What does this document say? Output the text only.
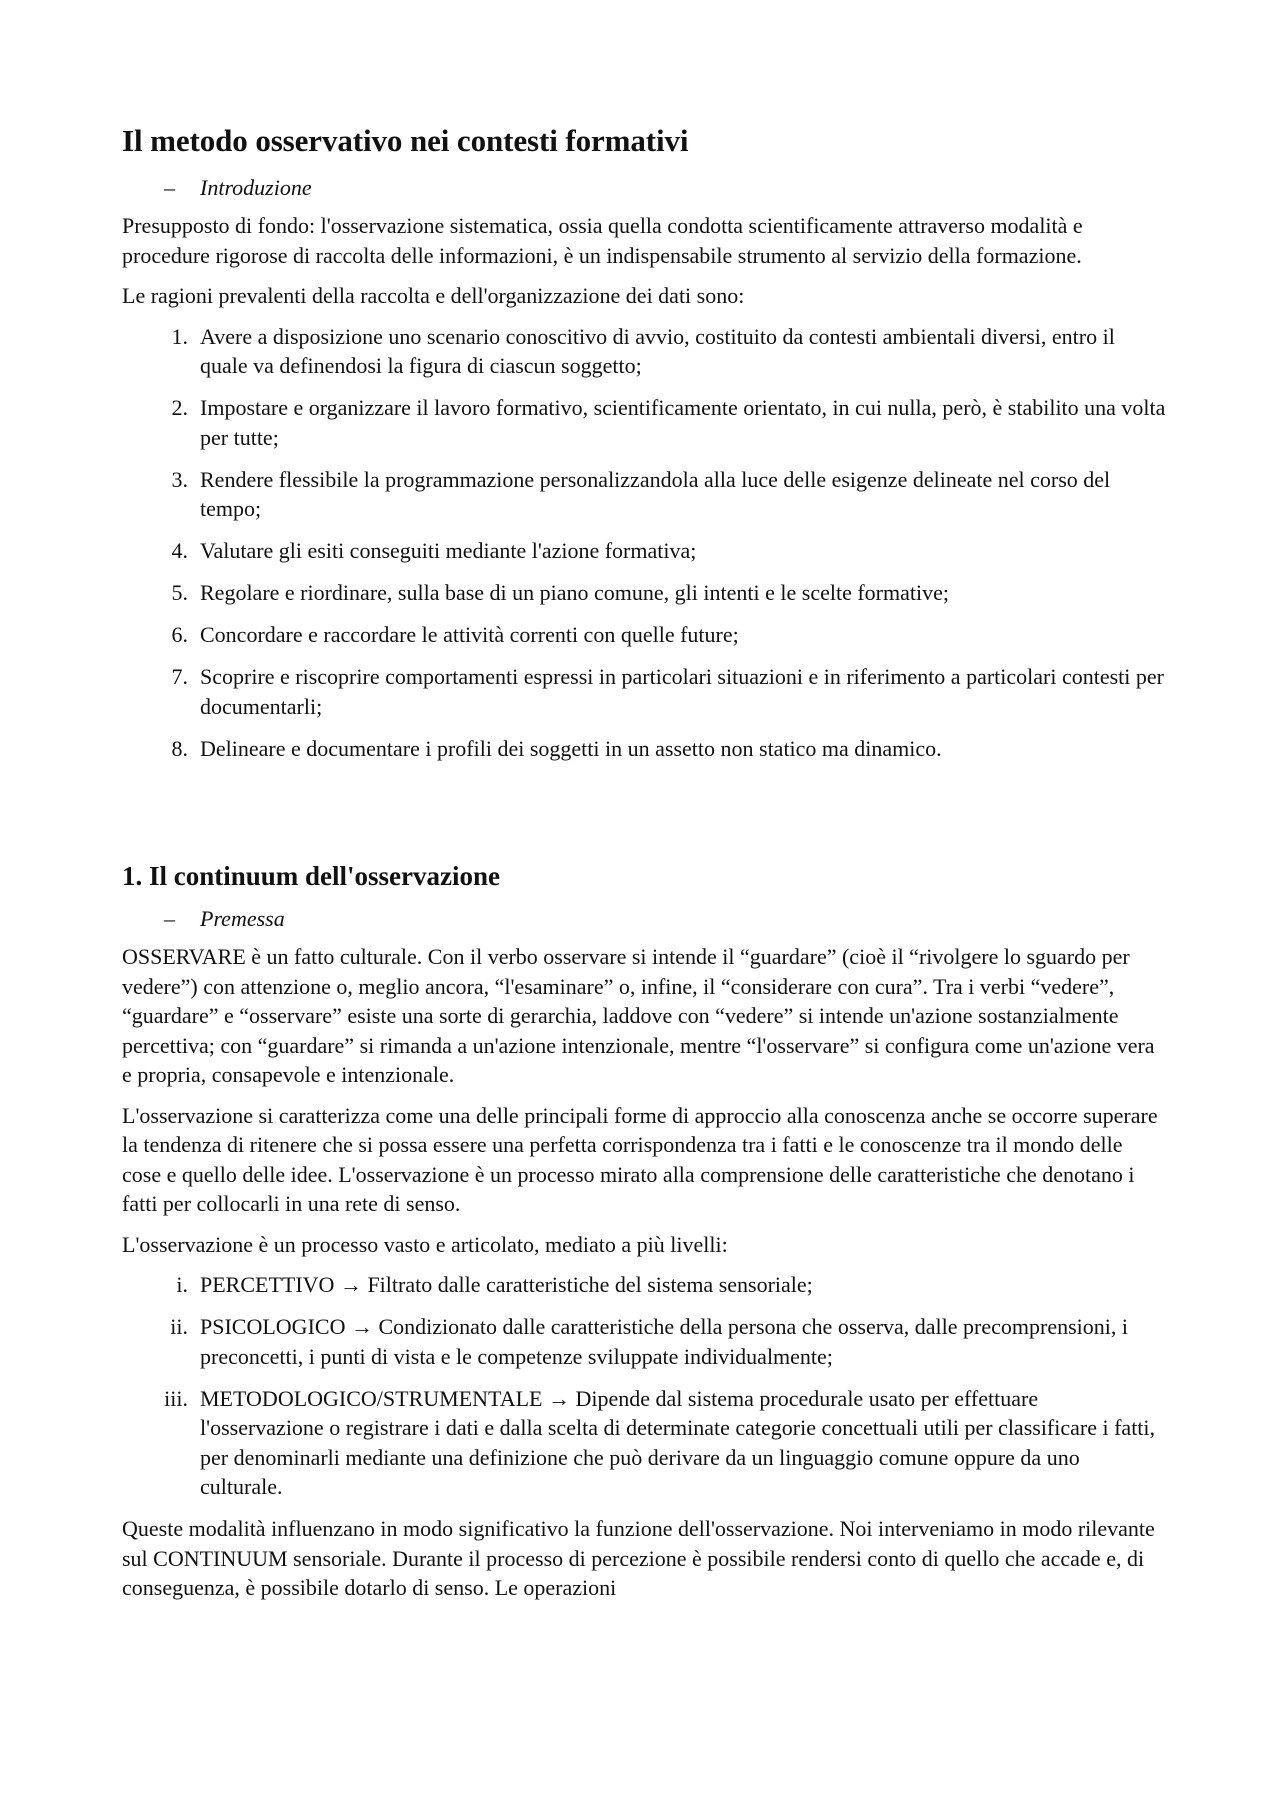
Il metodo osservativo nei contesti formativi
–	Introduzione

Presupposto di fondo: l'osservazione sistematica, ossia quella condotta scientificamente attraverso modalità e procedure rigorose di raccolta delle informazioni, è un indispensabile strumento al servizio della formazione.

Le ragioni prevalenti della raccolta e dell'organizzazione dei dati sono:

1. Avere a disposizione uno scenario conoscitivo di avvio, costituito da contesti ambientali diversi, entro il quale va definendosi la figura di ciascun soggetto;
2. Impostare e organizzare il lavoro formativo, scientificamente orientato, in cui nulla, però, è stabilito una volta per tutte;
3. Rendere flessibile la programmazione personalizzandola alla luce delle esigenze delineate nel corso del tempo;
4. Valutare gli esiti conseguiti mediante l'azione formativa;
5. Regolare e riordinare, sulla base di un piano comune, gli intenti e le scelte formative;
6. Concordare e raccordare le attività correnti con quelle future;
7. Scoprire e riscoprire comportamenti espressi in particolari situazioni e in riferimento a particolari contesti per documentarli;
8. Delineare e documentare i profili dei soggetti in un assetto non statico ma dinamico.
1. Il continuum dell'osservazione
–	Premessa

OSSERVARE è un fatto culturale. Con il verbo osservare si intende il “guardare” (cioè il “rivolgere lo sguardo per vedere”) con attenzione o, meglio ancora, “l'esaminare” o, infine, il “considerare con cura”. Tra i verbi “vedere”, “guardare” e “osservare” esiste una sorte di gerarchia, laddove con “vedere” si intende un'azione sostanzialmente percettiva; con “guardare” si rimanda a un'azione intenzionale, mentre “l'osservare” si configura come un'azione vera e propria, consapevole e intenzionale.

L'osservazione si caratterizza come una delle principali forme di approccio alla conoscenza anche se occorre superare la tendenza di ritenere che si possa essere una perfetta corrispondenza tra i fatti e le conoscenze tra il mondo delle cose e quello delle idee. L'osservazione è un processo mirato alla comprensione delle caratteristiche che denotano i fatti per collocarli in una rete di senso.

L'osservazione è un processo vasto e articolato, mediato a più livelli:

i. PERCETTIVO → Filtrato dalle caratteristiche del sistema sensoriale;
ii. PSICOLOGICO → Condizionato dalle caratteristiche della persona che osserva, dalle precomprensioni, i preconcetti, i punti di vista e le competenze sviluppate individualmente;
iii. METODOLOGICO/STRUMENTALE → Dipende dal sistema procedurale usato per effettuare l'osservazione o registrare i dati e dalla scelta di determinate categorie concettuali utili per classificare i fatti, per denominarli mediante una definizione che può derivare da un linguaggio comune oppure da uno culturale.

Queste modalità influenzano in modo significativo la funzione dell'osservazione. Noi interveniamo in modo rilevante sul CONTINUUM sensoriale. Durante il processo di percezione è possibile rendersi conto di quello che accade e, di conseguenza, è possibile dotarlo di senso. Le operazioni
